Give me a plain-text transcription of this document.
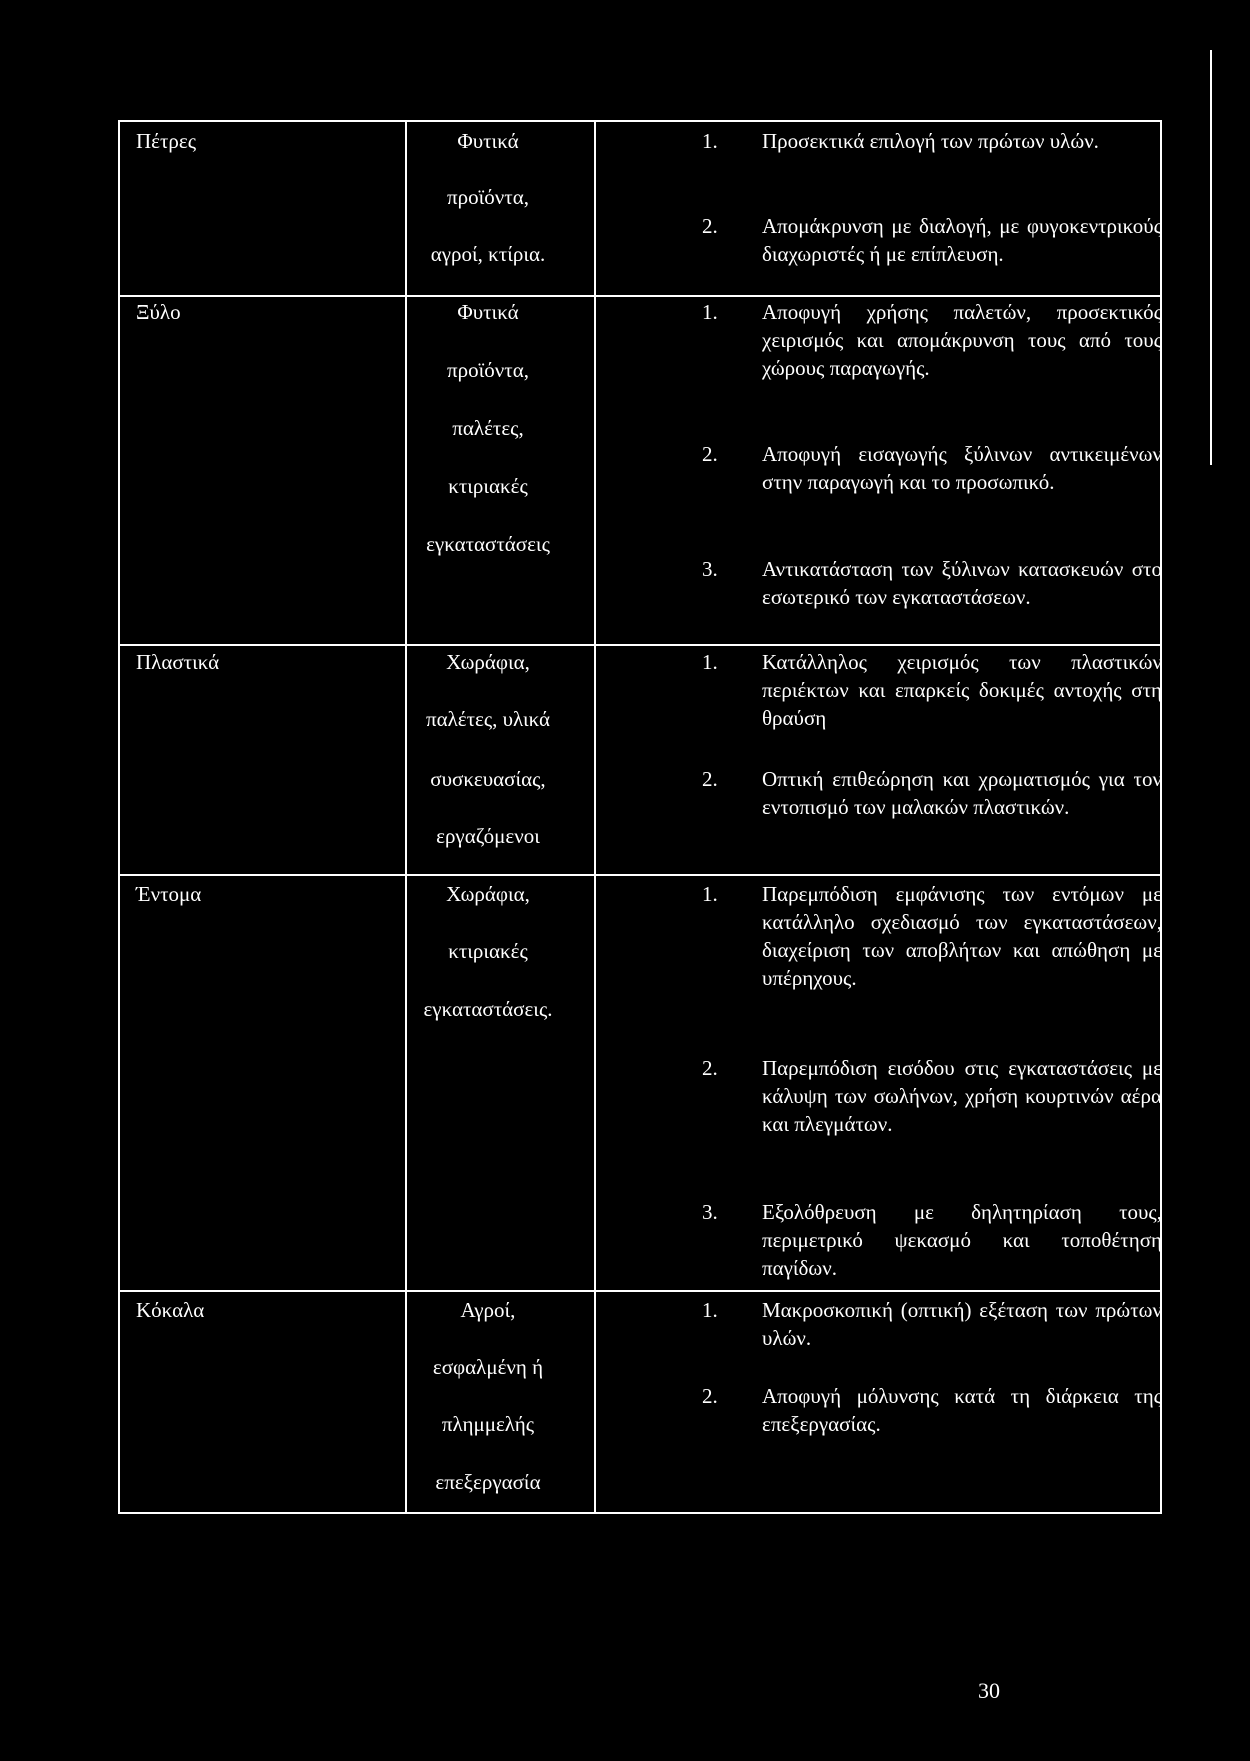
Πέτρες	Φυτικά
προϊόντα,
αγροί, κτίρια.
1. Προσεκτικά επιλογή των πρώτων υλών.
2. Απομάκρυνση με διαλογή, με φυγοκεντρικούς διαχωριστές ή με επίπλευση.
Ξύλο	Φυτικά
προϊόντα,
παλέτες,
κτιριακές
εγκαταστάσεις
1. Αποφυγή χρήσης παλετών, προσεκτικός χειρισμός και απομάκρυνση τους από τους χώρους παραγωγής.
2. Αποφυγή εισαγωγής ξύλινων αντικειμένων στην παραγωγή και το προσωπικό.
3. Αντικατάσταση των ξύλινων κατασκευών στο εσωτερικό των εγκαταστάσεων.
Πλαστικά	Χωράφια,
παλέτες, υλικά
συσκευασίας,
εργαζόμενοι
1. Κατάλληλος χειρισμός των πλαστικών περιέκτων και επαρκείς δοκιμές αντοχής στη θραύση
2. Οπτική επιθεώρηση και χρωματισμός για τον εντοπισμό των μαλακών πλαστικών.
Έντομα	Χωράφια,
κτιριακές
εγκαταστάσεις.
1. Παρεμπόδιση εμφάνισης των εντόμων με κατάλληλο σχεδιασμό των εγκαταστάσεων, διαχείριση των αποβλήτων και απώθηση με υπέρηχους.
2. Παρεμπόδιση εισόδου στις εγκαταστάσεις με κάλυψη των σωλήνων, χρήση κουρτινών αέρα και πλεγμάτων.
3. Εξολόθρευση με δηλητηρίαση τους, περιμετρικό ψεκασμό και τοποθέτηση παγίδων.
Κόκαλα	Αγροί,
εσφαλμένη ή
πλημμελής
επεξεργασία
1. Μακροσκοπική (οπτική) εξέταση των πρώτων υλών.
2. Αποφυγή μόλυνσης κατά τη διάρκεια της επεξεργασίας.
30
